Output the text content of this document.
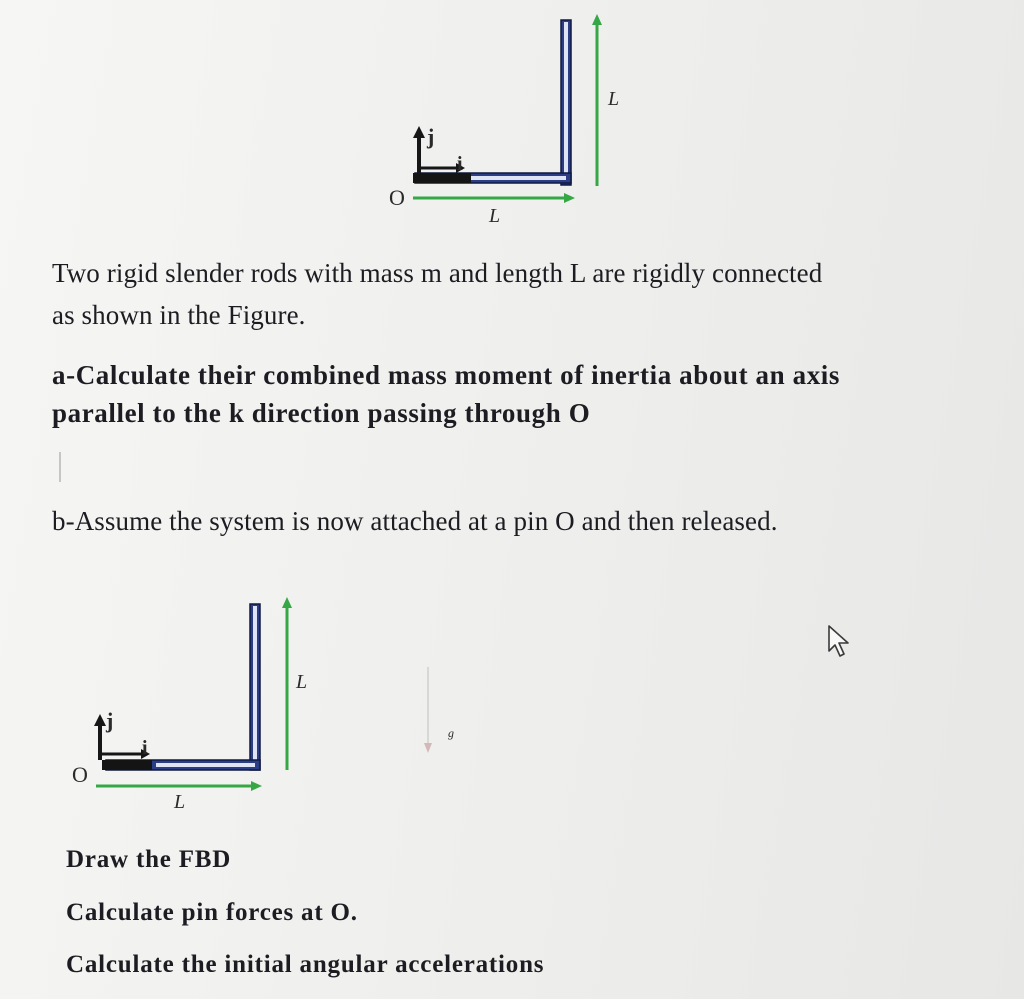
j
i
O
L
L
Two rigid slender rods with mass m and length L are rigidly connected
as shown in the Figure.
a-Calculate their combined mass moment of inertia about an axis
parallel to the k direction passing through O
b-Assume the system is now attached at a pin O and then released.
j
i
O
L
L
g
Draw the FBD
Calculate pin forces at O.
Calculate the initial angular accelerations
